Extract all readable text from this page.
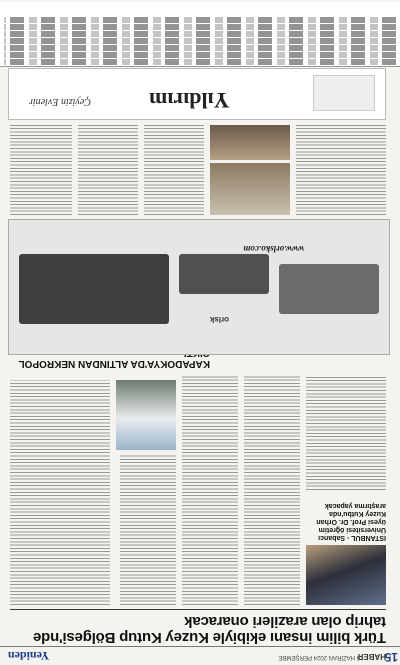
15
HABER
6 HAZİRAN 2024 PERŞEMBE
Yeniden
Türk bilim insanı ekibiyle Kuzey Kutup Bölgesi'nde tahrip olan arazileri onaracak
ISTANBUL - Sabancı Üniversitesi öğretim üyesi Prof. Dr. Orhan Kuzey Kutbu'nda araştırma yapacak
KAPADOKYA'DA ALTINDAN NEKROPOL
orlsk
www.orlsko.com
Yıldırım
Çeyizin Evlenir
